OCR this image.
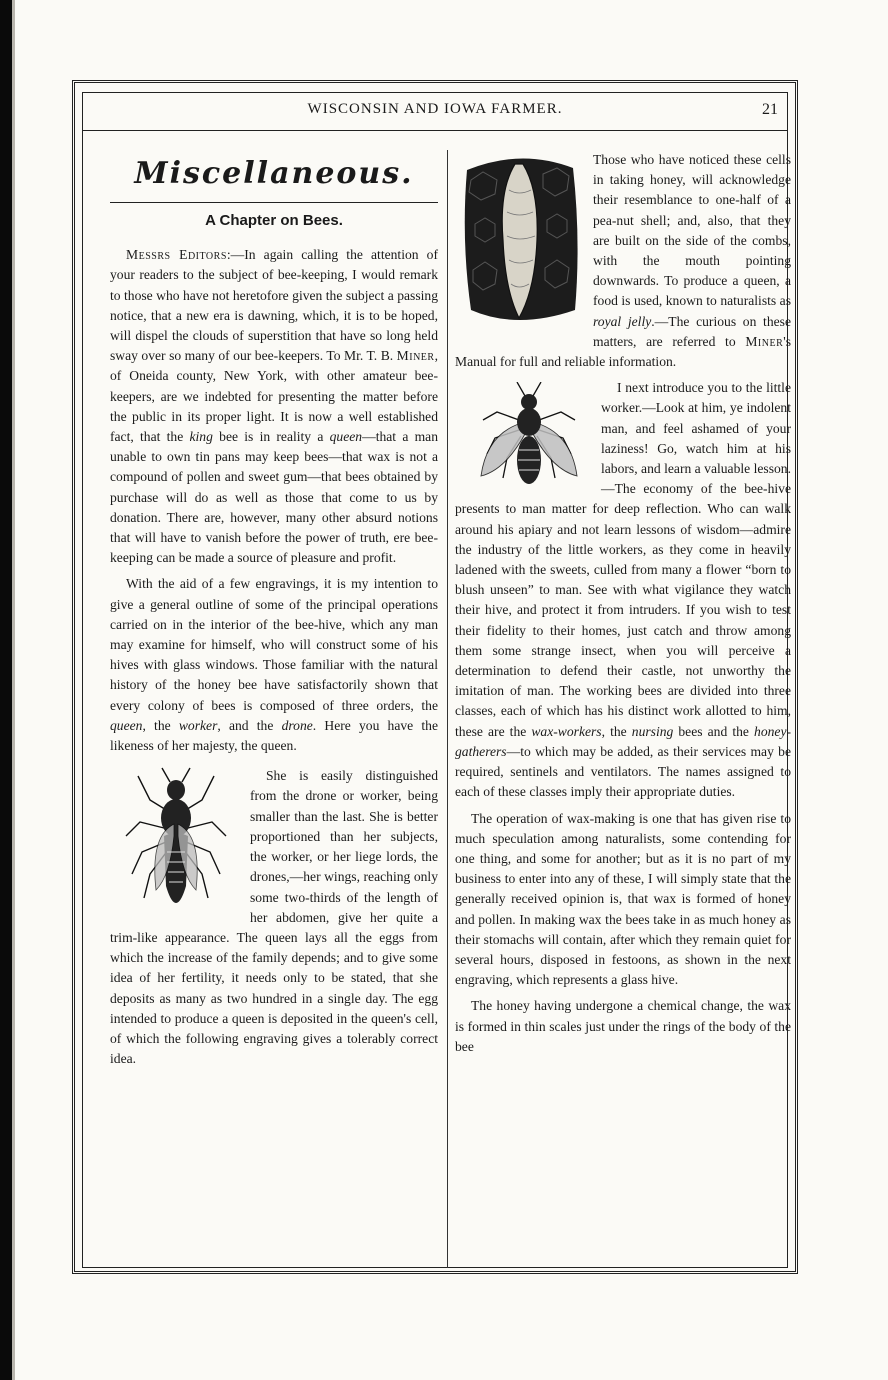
WISCONSIN AND IOWA FARMER.	21
Miscellaneous.
A Chapter on Bees.

Messrs Editors:—In again calling the attention of your readers to the subject of bee-keeping, I would remark to those who have not heretofore given the subject a passing notice, that a new era is dawning, which, it is to be hoped, will dispel the clouds of superstition that have so long held sway over so many of our bee-keepers. To Mr. T. B. Miner, of Oneida county, New York, with other amateur bee-keepers, are we indebted for presenting the matter before the public in its proper light. It is now a well established fact, that the king bee is in reality a queen—that a man unable to own tin pans may keep bees—that wax is not a compound of pollen and sweet gum—that bees obtained by purchase will do as well as those that come to us by donation. There are, however, many other absurd notions that will have to vanish before the power of truth, ere bee-keeping can be made a source of pleasure and profit.

With the aid of a few engravings, it is my intention to give a general outline of some of the principal operations carried on in the interior of the bee-hive, which any man may examine for himself, who will construct some of his hives with glass windows. Those familiar with the natural history of the honey bee have satisfactorily shown that every colony of bees is composed of three orders, the queen, the worker, and the drone. Here you have the likeness of her majesty, the queen.

She is easily distinguished from the drone or worker, being smaller than the last. She is better proportioned than her subjects, the worker, or her liege lords, the drones,—her wings, reaching only some two-thirds of the length of her abdomen, give her quite a trim-like appearance. The queen lays all the eggs from which the increase of the family depends; and to give some idea of her fertility, it needs only to be stated, that she deposits as many as two hundred in a single day. The egg intended to produce a queen is deposited in the queen's cell, of which the following engraving gives a tolerably correct idea.

Those who have noticed these cells in taking honey, will acknowledge their resemblance to one-half of a pea-nut shell; and, also, that they are built on the side of the combs, with the mouth pointing downwards. To produce a queen, a food is used, known to naturalists as royal jelly.—The curious on these matters, are referred to Miner's Manual for full and reliable information.

I next introduce you to the little worker.—Look at him, ye indolent man, and feel ashamed of your laziness! Go, watch him at his labors, and learn a valuable lesson.—The economy of the bee-hive presents to man matter for deep reflection. Who can walk around his apiary and not learn lessons of wisdom—admire the industry of the little workers, as they come in heavily ladened with the sweets, culled from many a flower “born to blush unseen” to man. See with what vigilance they watch their hive, and protect it from intruders. If you wish to test their fidelity to their homes, just catch and throw among them some strange insect, when you will perceive a determination to defend their castle, not unworthy the imitation of man. The working bees are divided into three classes, each of which has his distinct work allotted to him, these are the wax-workers, the nursing bees and the honey-gatherers—to which may be added, as their services may be required, sentinels and ventilators. The names assigned to each of these classes imply their appropriate duties.

The operation of wax-making is one that has given rise to much speculation among naturalists, some contending for one thing, and some for another; but as it is no part of my business to enter into any of these, I will simply state that the generally received opinion is, that wax is formed of honey and pollen. In making wax the bees take in as much honey as their stomachs will contain, after which they remain quiet for several hours, disposed in festoons, as shown in the next engraving, which represents a glass hive.

The honey having undergone a chemical change, the wax is formed in thin scales just under the rings of the body of the bee
